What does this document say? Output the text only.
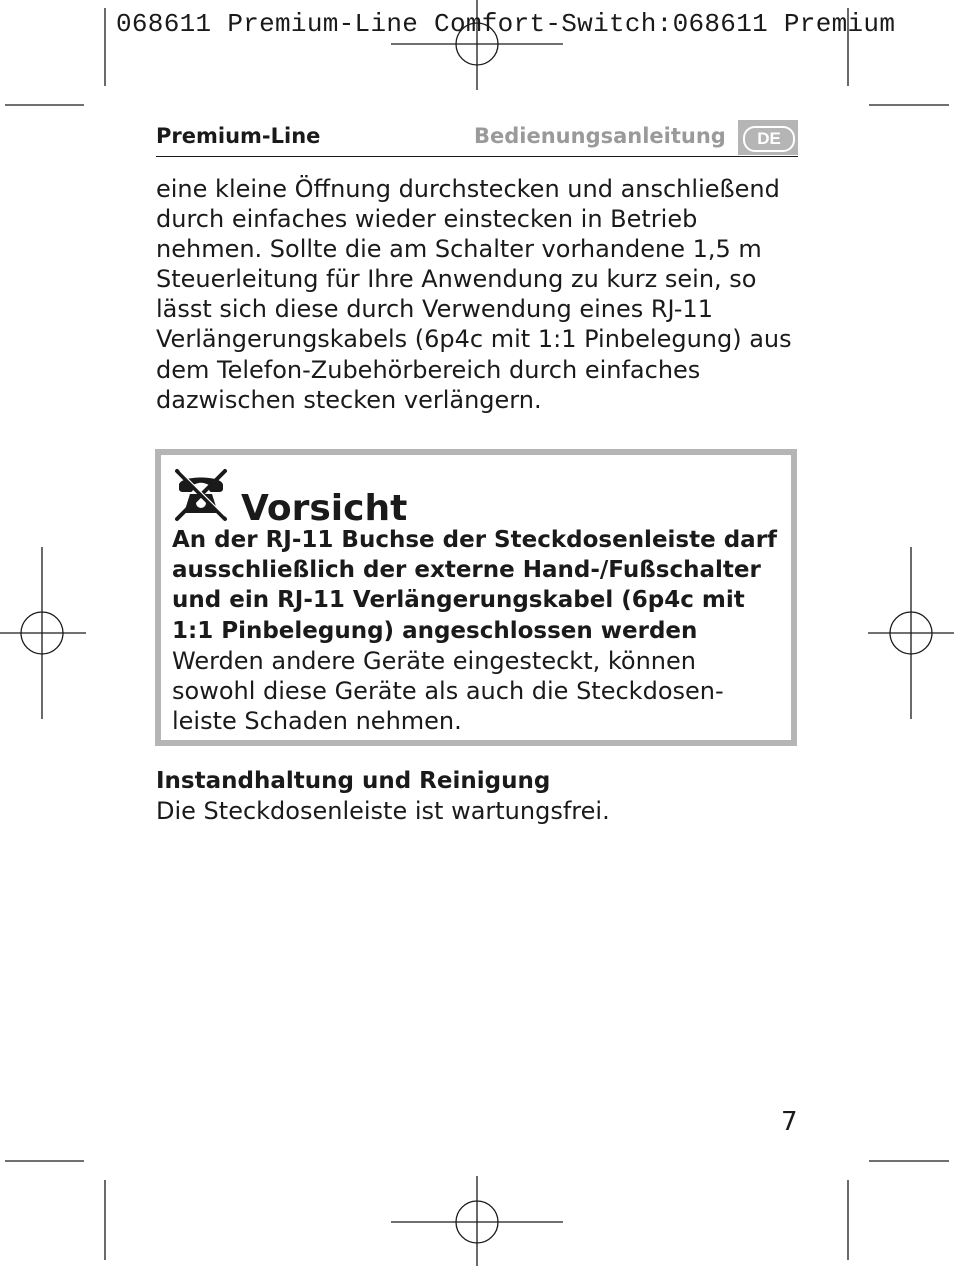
068611 Premium-Line Comfort-Switch:068611 Premium
Premium-Line	Bedienungsanleitung	DE

eine kleine Öffnung durchstecken und anschließend durch einfaches wieder einstecken in Betrieb nehmen. Sollte die am Schalter vorhandene 1,5 m Steuerleitung für Ihre Anwendung zu kurz sein, so lässt sich diese durch Verwendung eines RJ-11 Verlängerungskabels (6p4c mit 1:1 Pinbelegung) aus dem Telefon-Zubehörbereich durch einfaches dazwischen stecken verlängern.

Vorsicht

An der RJ-11 Buchse der Steckdosenleiste darf
ausschließlich der externe Hand-/Fußschalter
und ein RJ-11 Verlängerungskabel (6p4c mit
1:1 Pinbelegung) angeschlossen werden

Werden andere Geräte eingesteckt, können
sowohl diese Geräte als auch die Steckdosen-
leiste Schaden nehmen.

Instandhaltung und Reinigung
Die Steckdosenleiste ist wartungsfrei.
7
